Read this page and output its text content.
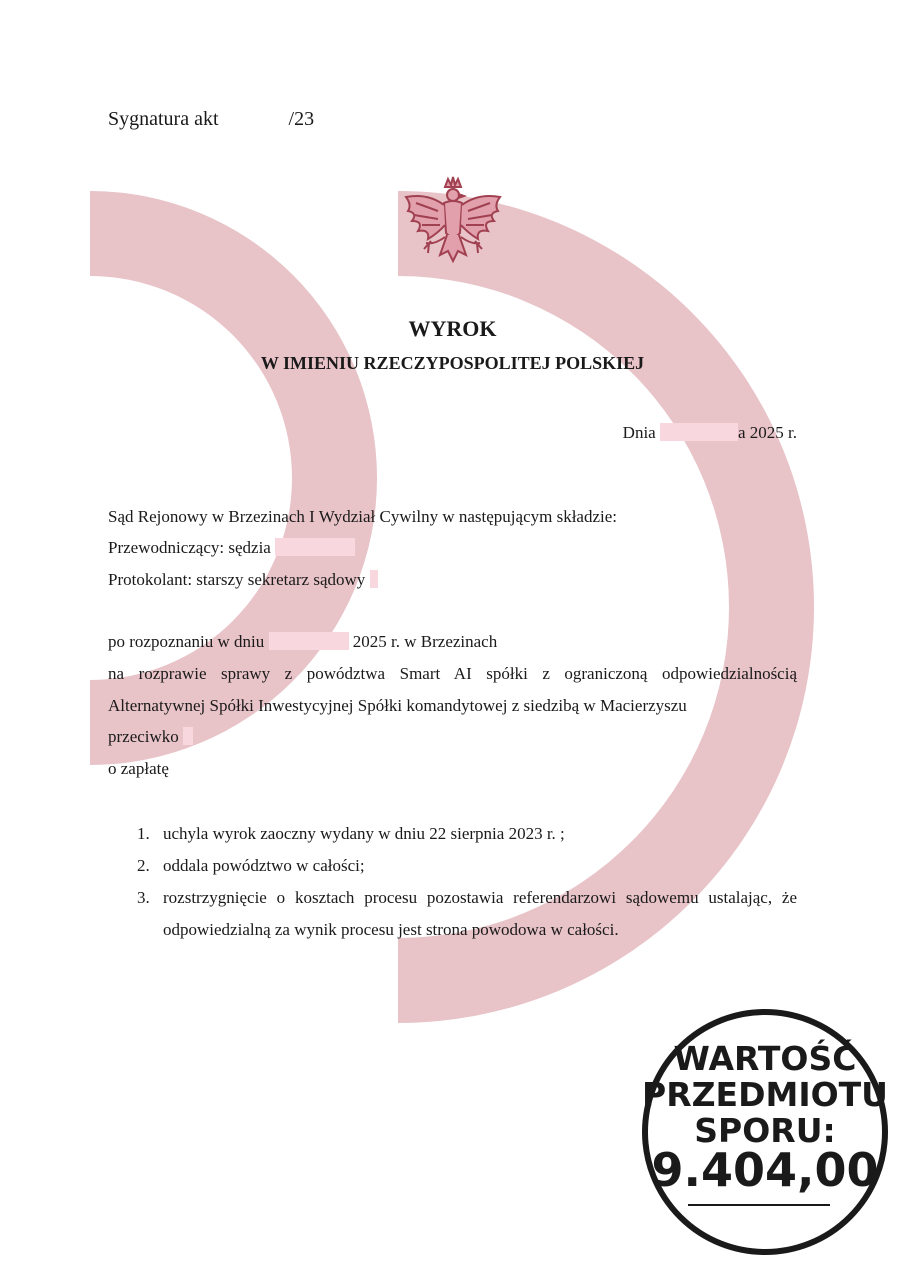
Sygnatura akt	/23
WYROK
W IMIENIU RZECZYPOSPOLITEJ POLSKIEJ
Dnia	a 2025 r.
Sąd Rejonowy w Brzezinach I Wydział Cywilny w następującym składzie:
Przewodniczący: sędzia
Protokolant: starszy sekretarz sądowy
po rozpoznaniu w dniu	2025 r. w Brzezinach
na rozprawie sprawy z powództwa Smart AI spółki z ograniczoną odpowiedzialnością
Alternatywnej Spółki Inwestycyjnej Spółki komandytowej z siedzibą w Macierzyszu
przeciwko
o zapłatę
1. uchyla wyrok zaoczny wydany w dniu 22 sierpnia 2023 r. ;
2. oddala powództwo w całości;
3. rozstrzygnięcie o kosztach procesu pozostawia referendarzowi sądowemu ustalając, że odpowiedzialną za wynik procesu jest strona powodowa w całości.
WARTOŚĆ
PRZEDMIOTU
SPORU:
9.404,00
